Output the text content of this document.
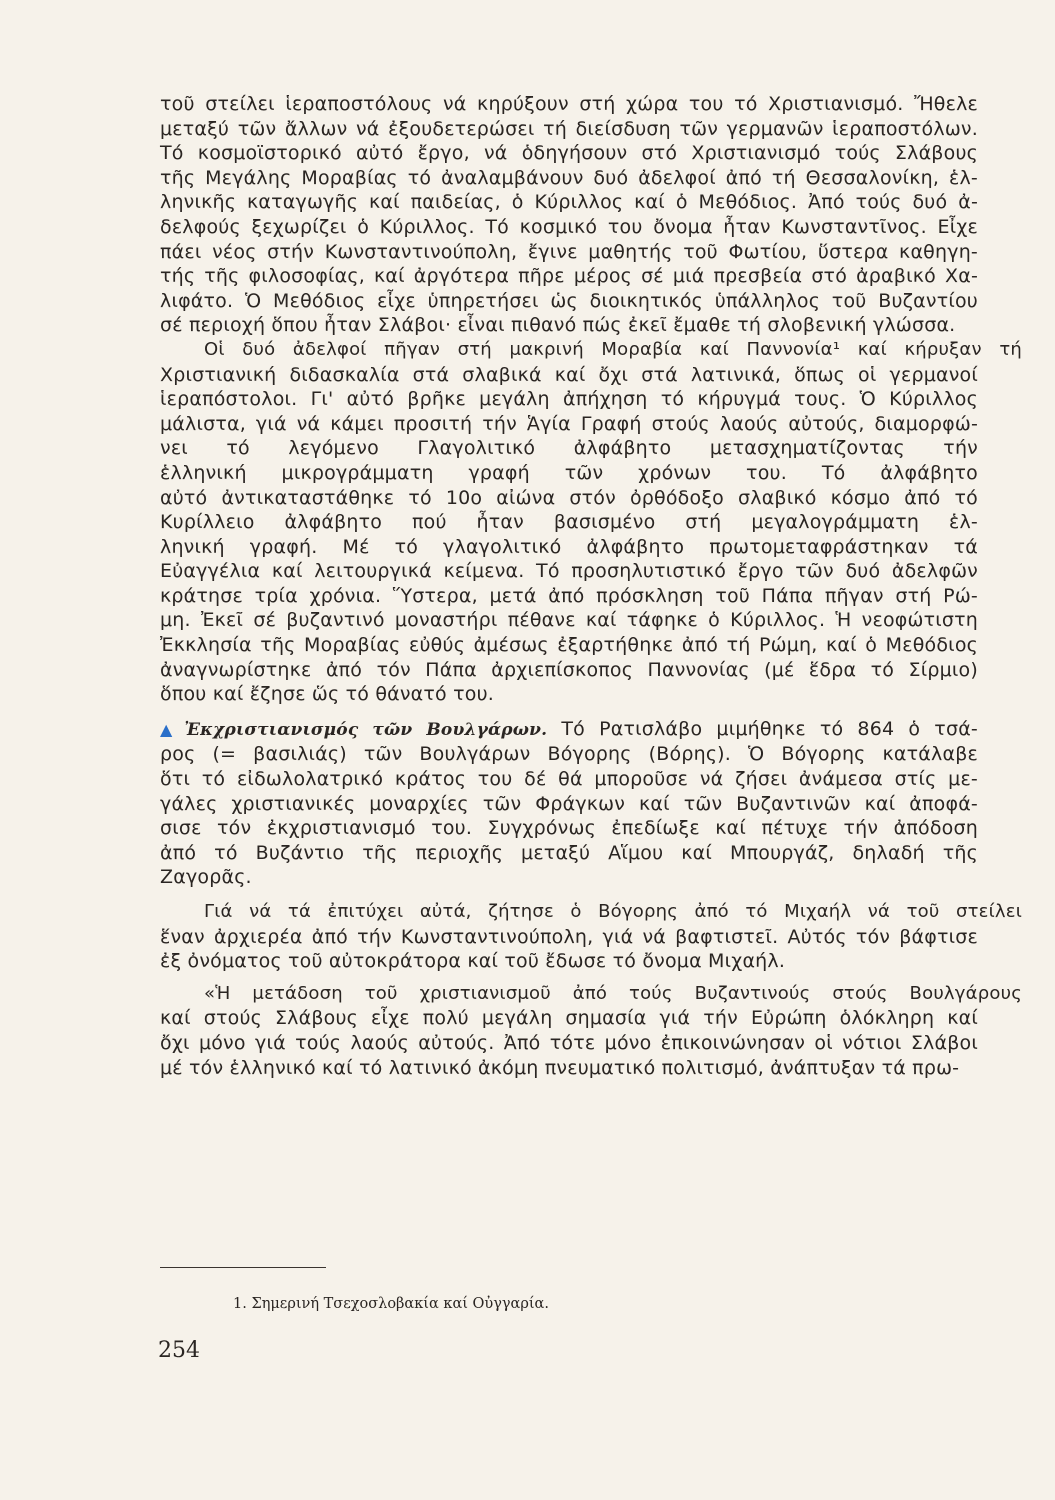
τοῦ στείλει ἱεραποστόλους νά κηρύξουν στή χώρα του τό Χριστιανισμό. Ἤθελε
μεταξύ τῶν ἄλλων νά ἐξουδετερώσει τή διείσδυση τῶν γερμανῶν ἱεραποστόλων.
Τό κοσμοϊστορικό αὐτό ἔργο, νά ὁδηγήσουν στό Χριστιανισμό τούς Σλάβους
τῆς Μεγάλης Μοραβίας τό ἀναλαμβάνουν δυό ἀδελφοί ἀπό τή Θεσσαλονίκη, ἑλ-
ληνικῆς καταγωγῆς καί παιδείας, ὁ Κύριλλος καί ὁ Μεθόδιος. Ἀπό τούς δυό ἀ-
δελφούς ξεχωρίζει ὁ Κύριλλος. Τό κοσμικό του ὄνομα ἦταν Κωνσταντῖνος. Εἶχε
πάει νέος στήν Κωνσταντινούπολη, ἔγινε μαθητής τοῦ Φωτίου, ὕστερα καθηγη-
τής τῆς φιλοσοφίας, καί ἀργότερα πῆρε μέρος σέ μιά πρεσβεία στό ἀραβικό Χα-
λιφάτο. Ὁ Μεθόδιος εἶχε ὑπηρετήσει ὡς διοικητικός ὑπάλληλος τοῦ Βυζαντίου
σέ περιοχή ὅπου ἦταν Σλάβοι· εἶναι πιθανό πώς ἐκεῖ ἔμαθε τή σλοβενική γλώσσα.
Οἱ δυό ἀδελφοί πῆγαν στή μακρινή Μοραβία καί Παννονία¹ καί κήρυξαν τή
Χριστιανική διδασκαλία στά σλαβικά καί ὄχι στά λατινικά, ὅπως οἱ γερμανοί
ἱεραπόστολοι. Γι' αὐτό βρῆκε μεγάλη ἀπήχηση τό κήρυγμά τους. Ὁ Κύριλλος
μάλιστα, γιά νά κάμει προσιτή τήν Ἁγία Γραφή στούς λαούς αὐτούς, διαμορφώ-
νει τό λεγόμενο Γλαγολιτικό ἀλφάβητο μετασχηματίζοντας τήν
ἑλληνική μικρογράμματη γραφή τῶν χρόνων του. Τό ἀλφάβητο
αὐτό ἀντικαταστάθηκε τό 10ο αἰώνα στόν ὀρθόδοξο σλαβικό κόσμο ἀπό τό
Κυρίλλειο ἀλφάβητο πού ἦταν βασισμένο στή μεγαλογράμματη ἑλ-
ληνική γραφή. Μέ τό γλαγολιτικό ἀλφάβητο πρωτομεταφράστηκαν τά
Εὐαγγέλια καί λειτουργικά κείμενα. Τό προσηλυτιστικό ἔργο τῶν δυό ἀδελφῶν
κράτησε τρία χρόνια. Ὕστερα, μετά ἀπό πρόσκληση τοῦ Πάπα πῆγαν στή Ρώ-
μη. Ἐκεῖ σέ βυζαντινό μοναστήρι πέθανε καί τάφηκε ὁ Κύριλλος. Ἡ νεοφώτιστη
Ἐκκλησία τῆς Μοραβίας εὐθύς ἀμέσως ἐξαρτήθηκε ἀπό τή Ρώμη, καί ὁ Μεθόδιος
ἀναγνωρίστηκε ἀπό τόν Πάπα ἀρχιεπίσκοπος Παννονίας (μέ ἕδρα τό Σίρμιο)
ὅπου καί ἔζησε ὥς τό θάνατό του.
▲ Ἐκχριστιανισμός τῶν Βουλγάρων. Τό Ρατισλάβο μιμήθηκε τό 864 ὁ τσά-
ρος (= βασιλιάς) τῶν Βουλγάρων Βόγορης (Βόρης). Ὁ Βόγορης κατάλαβε
ὅτι τό εἰδωλολατρικό κράτος του δέ θά μποροῦσε νά ζήσει ἀνάμεσα στίς με-
γάλες χριστιανικές μοναρχίες τῶν Φράγκων καί τῶν Βυζαντινῶν καί ἀποφά-
σισε τόν ἐκχριστιανισμό του. Συγχρόνως ἐπεδίωξε καί πέτυχε τήν ἀπόδοση
ἀπό τό Βυζάντιο τῆς περιοχῆς μεταξύ Αἵμου καί Μπουργάζ, δηλαδή τῆς
Ζαγορᾶς.
Γιά νά τά ἐπιτύχει αὐτά, ζήτησε ὁ Βόγορης ἀπό τό Μιχαήλ νά τοῦ στείλει
ἕναν ἀρχιερέα ἀπό τήν Κωνσταντινούπολη, γιά νά βαφτιστεῖ. Αὐτός τόν βάφτισε
ἐξ ὀνόματος τοῦ αὐτοκράτορα καί τοῦ ἔδωσε τό ὄνομα Μιχαήλ.
«Ἡ μετάδοση τοῦ χριστιανισμοῦ ἀπό τούς Βυζαντινούς στούς Βουλγάρους
καί στούς Σλάβους εἶχε πολύ μεγάλη σημασία γιά τήν Εὐρώπη ὁλόκληρη καί
ὄχι μόνο γιά τούς λαούς αὐτούς. Ἀπό τότε μόνο ἐπικοινώνησαν οἱ νότιοι Σλάβοι
μέ τόν ἑλληνικό καί τό λατινικό ἀκόμη πνευματικό πολιτισμό, ἀνάπτυξαν τά πρω-
1. Σημερινή Τσεχοσλοβακία καί Οὐγγαρία.
254
